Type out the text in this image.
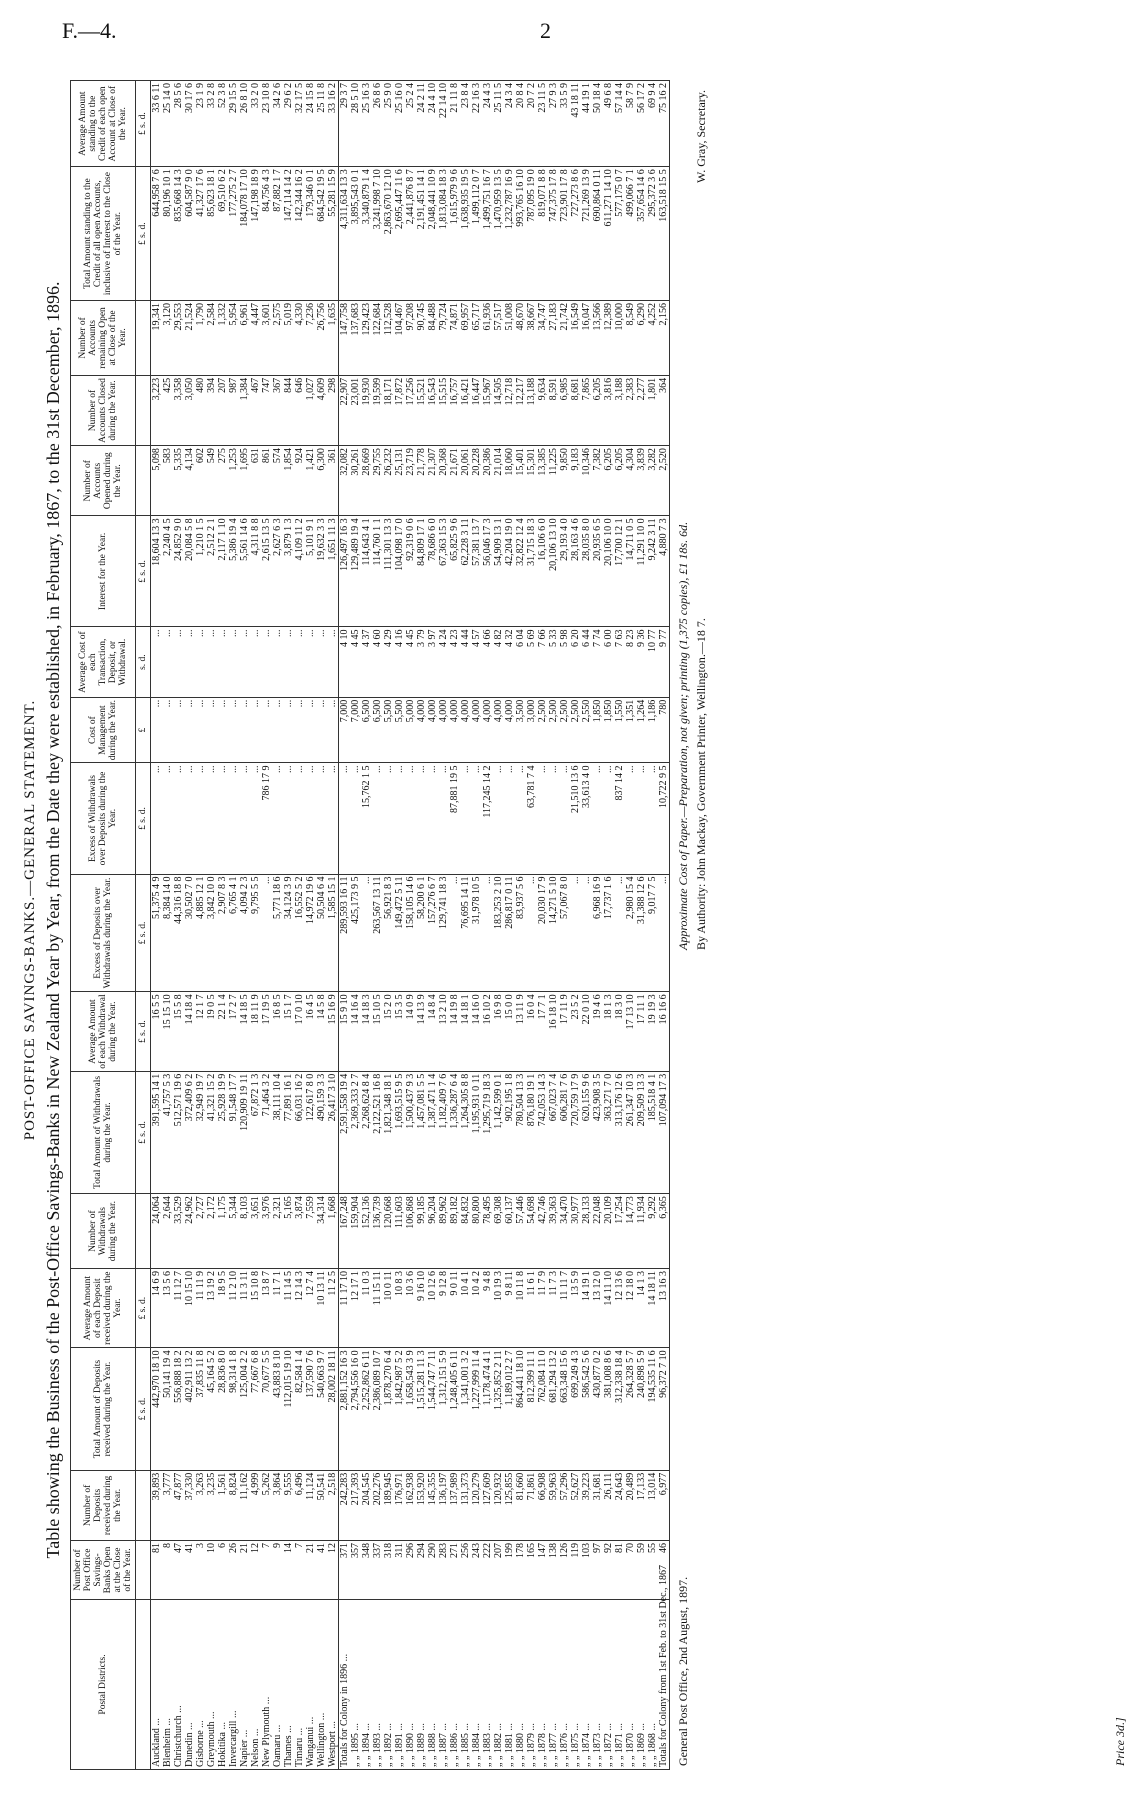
F.—4.	2
POST-OFFICE SAVINGS-BANKS.—GENERAL STATEMENT. Table showing the Business of the Post-Office Savings-Banks in New Zealand Year by Year, from the Date they were established, in February, 1867, to the 31st December, 1896.
Postal Districts.	Number of Post Office Savings-Banks Open at the Close of the Year.	Number of Deposits received during the Year.	Total Amount of Deposits received during the Year.	Average Amount of each Deposit received during the Year.	Number of Withdrawals during the Year.	Total Amount of Withdrawals during the Year.	Average Amount of each Withdrawal during the Year.	Excess of Deposits over Withdrawals during the Year.	Excess of Withdrawals over Deposits during the Year.	Cost of Management during the Year.	Average Cost of each Transaction, Deposit, or Withdrawal.	Interest for the Year.	Number of Accounts Opened during the Year.	Number of Accounts Closed during the Year.	Number of Accounts remaining Open at Close of the Year.	Total Amount standing to the Credit of all open Accounts, inclusive of Interest to the Close of the Year.	Average Amount standing to the Credit of each open Account at Close of the Year.
			£ s. d.	£ s. d.		£ s. d.	£ s. d.	£ s. d.	£ s. d.	£	s. d.	£ s. d.				£ s. d.	£ s. d.
Auckland ...	81	39,893	442,970 18 10	14 6 9	24,064	391,595 14 1	16 5 5	51,375 4 9	...	...	...	18,604 13 3	5,098	3,223	19,341	644,958 7 6	33 6 11
Blenheim ...	8	3,777	50,141 19 4	13 5 6	2,644	41,757 5 3	15 15 10	8,384 14 0	...	...	...	2,240 4 5	583	425	3,120	80,196 10 1	25 14 0
Christchurch ...	47	47,877	556,888 18 2	11 12 7	33,529	512,571 19 6	15 5 8	44,316 18 8	...	...	...	24,852 9 0	5,335	3,358	29,553	835,668 14 3	28 5 6
Dunedin ...	41	37,330	402,911 13 2	10 15 10	24,962	372,409 6 2	14 18 4	30,502 7 0	...	...	...	20,084 5 8	4,134	3,050	21,524	604,587 9 0	30 17 6
Gisborne ...	3	3,263	37,835 11 8	11 11 9	2,727	32,949 19 7	12 1 7	4,885 12 1	...	...	...	1,210 1 5	602	480	1,790	41,327 17 6	23 1 9
Greymouth ...	10	3,235	45,164 5 2	13 19 2	2,172	41,321 15 2	19 0 5	3,842 10 0	...	...	...	2,512 2 1	549	394	2,584	85,623 18 1	33 2 8
Hokitika ...	6	1,561	28,836 8 0	18 9 5	1,175	25,928 19 9	22 1 4	2,907 8 3	...	...	...	2,117 1 10	275	207	1,332	69,510 6 2	52 3 8
Invercargill ...	26	8,824	98,314 1 8	11 2 10	5,344	91,548 17 7	17 2 7	6,765 4 1	...	...	...	5,386 19 4	1,253	987	5,954	177,275 2 7	29 15 5
Napier ...	21	11,162	125,004 2 2	11 3 11	8,103	120,909 19 11	14 18 5	4,094 2 3	...	...	...	5,561 14 6	1,695	1,384	6,961	184,078 17 10	26 8 10
Nelson ...	12	4,999	77,667 6 8	15 10 8	3,651	67,872 1 3	18 11 9	9,795 5 5	...	...	...	4,311 8 8	631	467	4,447	147,198 18 9	33 2 0
New Plymouth ...	7	5,262	70,677 5 5	13 8 7	3,976	71,464 3 2	17 19 5	...	786 17 9	...	...	2,615 13 5	861	747	3,601	84,756 4 3	23 10 8
Oamaru ...	9	3,864	43,883 8 10	11 7 1	2,321	38,111 10 4	16 8 5	5,771 18 6	...	...	...	2,627 6 3	574	367	2,575	87,882 1 7	34 2 6
Thames ...	14	9,555	112,015 19 10	11 14 5	5,165	77,891 16 1	15 1 7	34,124 3 9	...	...	...	3,879 1 3	1,854	844	5,019	147,114 14 2	29 6 2
Timaru ...	7	6,496	82,584 1 4	12 14 3	3,874	66,031 16 2	17 0 10	16,552 5 2	...	...	...	4,109 11 2	924	646	4,330	142,344 16 2	32 17 5
Wanganui ...	21	11,124	137,590 7 6	12 7 4	7,559	122,617 8 0	16 4 5	14,972 19 6	...	...	...	5,101 9 1	1,421	1,027	7,236	179,346 0 1	24 15 8
Wellington ...	41	50,541	540,663 9 7	10 13 11	34,314	490,159 3 3	14 5 8	50,504 6 4	...	...	...	19,632 3 3	6,300	4,609	26,756	684,542 19 5	25 11 8
Westport ...	12	2,518	28,002 18 11	11 2 5	1,668	26,417 3 10	15 16 9	1,585 15 1	...	...	...	1,651 11 3	361	298	1,635	55,281 15 9	33 16 2
Totals for Colony in 1896 ...	371	242,283	2,881,152 16 3	11 17 10	167,248	2,591,558 19 4	15 9 10	289,593 16 11	...	7,000	4 10	126,497 16 3	32,082	22,907	147,758	4,311,634 13 3	29 3 7
„ „ 1895 ...	357	217,393	2,794,556 16 0	12 17 1	159,904	2,369,333 2 7	14 16 4	425,173 9 5	...	7,000	4 45	129,489 19 4	30,261	23,001	137,683	3,895,543 0 1	28 5 10
„ „ 1894 ...	348	204,545	2,252,862 6 11	11 0 3	152,136	2,268,624 8 4	14 18 3	...	15,762 1 5	6,500	4 37	114,643 4 1	28,669	19,930	129,423	3,340,879 1 4	25 16 3
„ „ 1893 ...	337	202,276	2,386,089 10 7	11 15 11	136,739	2,122,521 16 8	15 10 5	263,567 13 11	...	6,500	4 60	114,760 1 1	29,755	19,599	122,684	3,241,998 7 10	26 8 6
„ „ 1892 ...	318	189,945	1,878,270 6 4	10 0 11	120,668	1,821,348 18 1	15 2 0	56,921 8 3	...	5,500	4 29	111,301 13 3	26,232	18,171	112,528	2,863,670 12 10	25 9 0
„ „ 1891 ...	311	176,971	1,842,987 5 2	10 8 3	111,603	1,693,515 9 5	15 3 5	149,472 5 11	...	5,500	4 16	104,098 17 0	25,131	17,872	104,467	2,695,447 11 6	25 16 0
„ „ 1890 ...	296	162,938	1,658,543 3 9	10 3 6	106,868	1,500,437 9 3	14 0 9	158,105 14 6	...	5,000	4 45	92,319 0 6	23,719	17,256	97,208	2,441,876 8 7	25 2 4
„ „ 1889 ...	294	153,920	1,515,281 11 3	9 16 10	99,185	1,457,081 5 5	14 13 9	58,200 6 1	...	4,000	3 79	84,809 17 1	21,778	15,521	90,745	2,191,451 14 1	24 2 11
„ „ 1888 ...	290	145,355	1,544,747 7 11	10 12 6	96,204	1,387,471 1 4	14 8 4	157,276 6 7	...	4,000	3 97	78,686 6 0	21,307	16,543	84,488	2,048,441 10 9	24 4 10
„ „ 1887 ...	283	136,197	1,312,151 5 9	9 12 8	89,962	1,182,409 7 6	13 2 10	129,741 18 3	...	4,000	4 24	67,363 15 3	20,368	15,515	79,724	1,813,084 18 3	22 14 10
„ „ 1886 ...	271	137,989	1,248,405 6 11	9 0 11	89,182	1,336,287 6 4	14 19 8	...	87,881 19 5	4,000	4 23	65,825 9 6	21,671	16,757	74,871	1,615,979 9 6	21 11 8
„ „ 1885 ...	256	131,373	1,341,001 3 2	10 4 1	84,832	1,264,305 8 8	14 18 1	76,695 14 11	...	4,000	4 44	62,228 3 11	20,061	16,421	69,957	1,638,935 19 5	23 8 4
„ „ 1884 ...	243	120,279	1,227,999 11 4	10 4 2	80,800	1,195,931 0 11	14 16 0	31,978 10 5	...	4,000	4 57	57,381 13 7	20,228	16,447	65,717	1,499,112 0 7	22 16 3
„ „ 1883 ...	222	127,609	1,178,474 4 1	9 4 8	78,495	1,295,719 18 3	16 10 2	...	117,245 14 2	4,000	4 66	56,046 17 3	20,386	15,967	61,936	1,499,751 16 7	24 4 3
„ „ 1882 ...	207	120,932	1,325,852 2 11	10 19 3	69,308	1,142,599 0 1	16 9 8	183,253 2 10	...	4,000	4 82	54,909 13 1	21,014	14,505	57,517	1,470,959 13 5	25 11 5
„ „ 1881 ...	199	125,855	1,189,012 2 7	9 8 11	60,137	902,195 1 8	15 0 0	286,817 0 11	...	4,000	4 32	42,204 19 0	18,060	12,718	51,008	1,232,787 16 9	24 3 4
„ „ 1880 ...	178	81,660	864,441 18 10	10 11 8	57,446	780,504 13 3	13 11 9	83,937 5 6	...	3,500	6 04	32,822 12 4	15,401	12,217	48,670	993,765 16 10	20 8 4
„ „ 1879 ...	165	71,861	812,399 11 1	11 6 1	54,698	876,180 19 1	16 0 4	...	63,781 7 4	3,000	5 69	31,715 18 3	15,301	13,188	38,667	787,095 19 0	20 7 2
„ „ 1878 ...	147	66,908	762,084 11 0	11 7 9	42,746	742,053 14 3	17 7 1	20,030 17 9	...	2,500	7 66	16,106 6 0	13,385	9,634	34,747	819,071 8 8	23 11 5
„ „ 1877 ...	138	59,963	681,294 13 2	11 7 3	39,363	667,023 7 4	16 18 10	14,271 5 10	...	2,500	5 33	20,106 13 10	11,225	8,591	27,183	747,375 17 8	27 9 3
„ „ 1876 ...	126	57,296	663,348 15 6	11 11 7	34,470	606,281 7 6	17 11 9	57,067 8 0	...	2,500	5 98	29,193 4 0	9,850	6,985	21,742	723,901 17 8	33 5 9
„ „ 1875 ...	119	52,627	699,249 4 3	13 5 9	30,977	720,759 17 9	23 5 2	...	21,510 13 6	2,500	6 20	28,163 4 6	9,183	8,681	16,549	727,273 8 6	43 18 11
„ „ 1874 ...	103	39,223	586,542 5 6	14 19 1	28,133	620,155 9 6	22 0 10	...	33,613 4 0	2,550	6 44	28,035 8 0	10,346	7,865	16,047	721,269 13 9	44 19 1
„ „ 1873 ...	97	31,681	430,877 0 2	13 12 0	22,048	423,908 3 5	19 4 6	6,968 16 9	...	1,850	7 74	20,935 6 5	7,382	6,205	13,566	690,864 0 11	50 18 4
„ „ 1872 ...	92	26,111	381,008 8 6	14 11 10	20,109	363,271 7 0	18 1 3	17,737 1 6	...	1,850	6 00	20,106 10 0	6,205	3,816	12,389	611,271 14 10	49 6 8
„ „ 1871 ...	81	24,643	312,338 18 4	12 13 6	17,254	313,176 12 6	18 3 0	...	837 14 2	1,550	7 63	17,700 12 1	6,205	3,188	10,000	577,175 0 7	57 14 4
„ „ 1870 ...	70	20,489	264,328 5 7	12 18 0	14,773	261,347 10 3	17 13 10	2,980 15 4	...	1,351	8 23	14,711 0 5	4,304	2,383	8,549	499,066 7 1	58 7 9
„ „ 1869 ...	59	17,133	240,898 5 9	14 1 3	11,934	209,509 13 3	17 11 1	31,388 12 6	...	1,264	9 36	11,291 10 0	3,839	2,277	6,290	357,654 14 6	56 17 2
„ „ 1868 ...	55	13,014	194,535 11 6	14 18 11	9,292	185,518 4 1	19 19 3	9,017 7 5	...	1,186	10 77	9,242 3 11	3,282	1,801	4,252	295,372 3 6	69 9 4
Totals for Colony from 1st Feb. to 31st Dec., 1867	46	6,977	96,372 7 10	13 16 3	6,365	107,094 17 3	16 16 6	...	10,722 9 5	780	9 77	4,880 7 3	2,520	364	2,156	163,518 15 5	75 16 2
General Post Office, 2nd August, 1897.
Approximate Cost of Paper.—Preparation, not given; printing (1,375 copies), £1 18s. 6d. By Authority: John Mackay, Government Printer, Wellington.—18 7.
W. Gray, Secretary.
Price 3d.]
